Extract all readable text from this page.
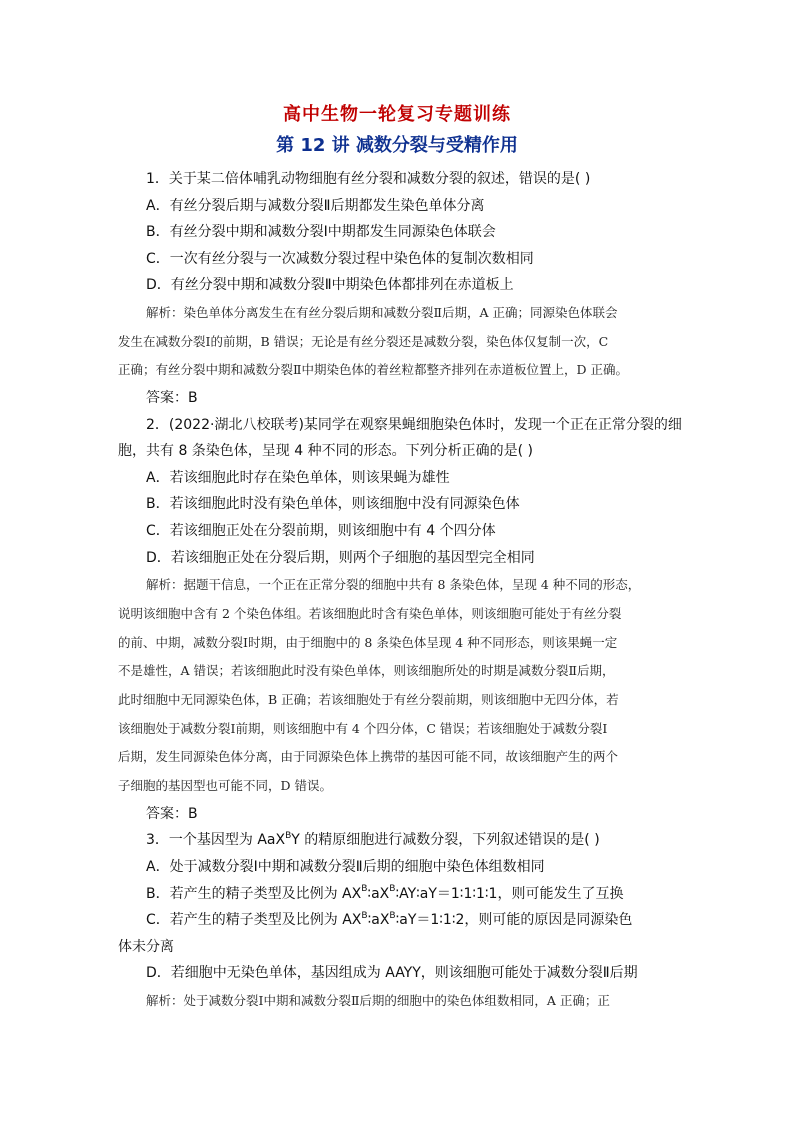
高中生物一轮复习专题训练
第 12 讲 减数分裂与受精作用
1．关于某二倍体哺乳动物细胞有丝分裂和减数分裂的叙述，错误的是( )
A．有丝分裂后期与减数分裂Ⅱ后期都发生染色单体分离
B．有丝分裂中期和减数分裂Ⅰ中期都发生同源染色体联会
C．一次有丝分裂与一次减数分裂过程中染色体的复制次数相同
D．有丝分裂中期和减数分裂Ⅱ中期染色体都排列在赤道板上
解析：染色单体分离发生在有丝分裂后期和减数分裂Ⅱ后期，A 正确；同源染色体联会
发生在减数分裂Ⅰ的前期，B 错误；无论是有丝分裂还是减数分裂，染色体仅复制一次，C
正确；有丝分裂中期和减数分裂Ⅱ中期染色体的着丝粒都整齐排列在赤道板位置上，D 正确。
答案：B
2．(2022·湖北八校联考)某同学在观察果蝇细胞染色体时，发现一个正在正常分裂的细
胞，共有 8 条染色体，呈现 4 种不同的形态。下列分析正确的是( )
A．若该细胞此时存在染色单体，则该果蝇为雄性
B．若该细胞此时没有染色单体，则该细胞中没有同源染色体
C．若该细胞正处在分裂前期，则该细胞中有 4 个四分体
D．若该细胞正处在分裂后期，则两个子细胞的基因型完全相同
解析：据题干信息，一个正在正常分裂的细胞中共有 8 条染色体，呈现 4 种不同的形态，
说明该细胞中含有 2 个染色体组。若该细胞此时含有染色单体，则该细胞可能处于有丝分裂
的前、中期，减数分裂Ⅰ时期，由于细胞中的 8 条染色体呈现 4 种不同形态，则该果蝇一定
不是雄性，A 错误；若该细胞此时没有染色单体，则该细胞所处的时期是减数分裂Ⅱ后期，
此时细胞中无同源染色体，B 正确；若该细胞处于有丝分裂前期，则该细胞中无四分体，若
该细胞处于减数分裂Ⅰ前期，则该细胞中有 4 个四分体，C 错误；若该细胞处于减数分裂Ⅰ
后期，发生同源染色体分离，由于同源染色体上携带的基因可能不同，故该细胞产生的两个
子细胞的基因型也可能不同，D 错误。
答案：B
3．一个基因型为 AaX$^B$Y 的精原细胞进行减数分裂，下列叙述错误的是( )
A．处于减数分裂Ⅰ中期和减数分裂Ⅱ后期的细胞中染色体组数相同
B．若产生的精子类型及比例为 $AX^B∶aX^B∶AY∶aY=1∶1∶1∶1$，则可能发生了互换
C．若产生的精子类型及比例为 $AX^B∶aX^B∶aY=1∶1∶2$，则可能的原因是同源染色
体未分离
D．若细胞中无染色单体，基因组成为 AAYY，则该细胞可能处于减数分裂Ⅱ后期
解析：处于减数分裂Ⅰ中期和减数分裂Ⅱ后期的细胞中的染色体组数相同，A 正确；正
